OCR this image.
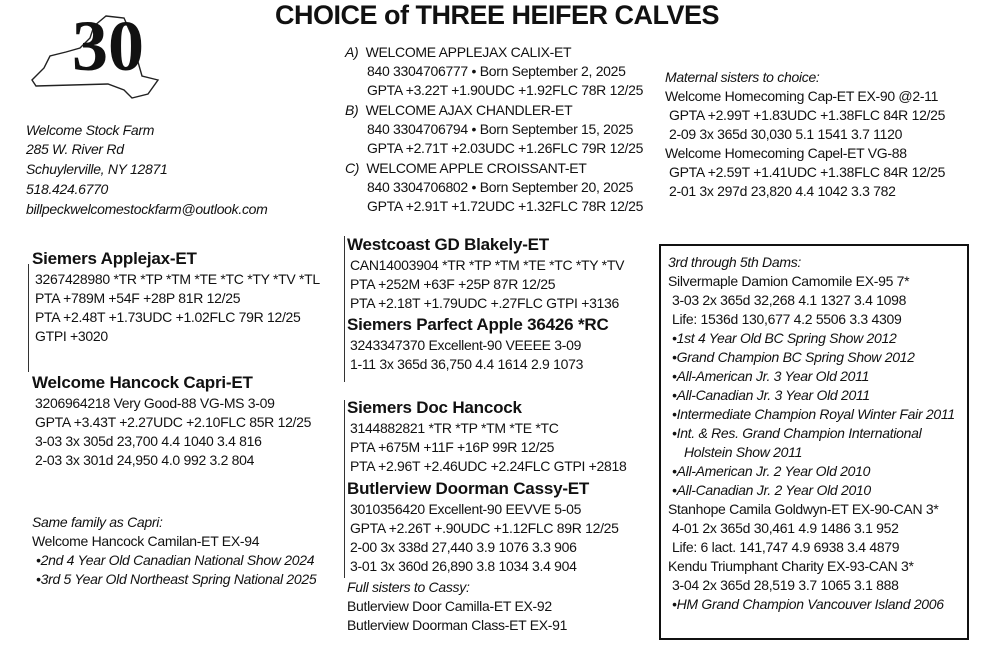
CHOICE of THREE HEIFER CALVES
30
Welcome Stock Farm
285 W. River Rd
Schuylerville, NY 12871
518.424.6770
billpeckwelcomestockfarm@outlook.com
A) WELCOME APPLEJAX CALIX-ET
840 3304706777 • Born September 2, 2025
GPTA +3.22T +1.90UDC +1.92FLC 78R 12/25
B) WELCOME AJAX CHANDLER-ET
840 3304706794 • Born September 15, 2025
GPTA +2.71T +2.03UDC +1.26FLC 79R 12/25
C) WELCOME APPLE CROISSANT-ET
840 3304706802 • Born September 20, 2025
GPTA +2.91T +1.72UDC +1.32FLC 78R 12/25
Maternal sisters to choice:
Welcome Homecoming Cap-ET EX-90 @2-11
GPTA +2.99T +1.83UDC +1.38FLC 84R 12/25
2-09 3x 365d 30,030 5.1 1541 3.7 1120
Welcome Homecoming Capel-ET VG-88
GPTA +2.59T +1.41UDC +1.38FLC 84R 12/25
2-01 3x 297d 23,820 4.4 1042 3.3 782
Siemers Applejax-ET
3267428980 *TR *TP *TM *TE *TC *TY *TV *TL
PTA +789M +54F +28P 81R 12/25
PTA +2.48T +1.73UDC +1.02FLC 79R 12/25
GTPI +3020
Welcome Hancock Capri-ET
3206964218 Very Good-88 VG-MS 3-09
GPTA +3.43T +2.27UDC +2.10FLC 85R 12/25
3-03 3x 305d 23,700 4.4 1040 3.4 816
2-03 3x 301d 24,950 4.0 992 3.2 804
Same family as Capri:
Welcome Hancock Camilan-ET EX-94
•2nd 4 Year Old Canadian National Show 2024
•3rd 5 Year Old Northeast Spring National 2025
Westcoast GD Blakely-ET
CAN14003904 *TR *TP *TM *TE *TC *TY *TV
PTA +252M +63F +25P 87R 12/25
PTA +2.18T +1.79UDC +.27FLC GTPI +3136
Siemers Parfect Apple 36426 *RC
3243347370 Excellent-90 VEEEE 3-09
1-11 3x 365d 36,750 4.4 1614 2.9 1073
Siemers Doc Hancock
3144882821 *TR *TP *TM *TE *TC
PTA +675M +11F +16P 99R 12/25
PTA +2.96T +2.46UDC +2.24FLC GTPI +2818
Butlerview Doorman Cassy-ET
3010356420 Excellent-90 EEVVE 5-05
GPTA +2.26T +.90UDC +1.12FLC 89R 12/25
2-00 3x 338d 27,440 3.9 1076 3.3 906
3-01 3x 360d 26,890 3.8 1034 3.4 904
Full sisters to Cassy:
Butlerview Door Camilla-ET EX-92
Butlerview Doorman Class-ET EX-91
3rd through 5th Dams:
Silvermaple Damion Camomile EX-95 7*
3-03 2x 365d 32,268 4.1 1327 3.4 1098
Life: 1536d 130,677 4.2 5506 3.3 4309
•1st 4 Year Old BC Spring Show 2012
•Grand Champion BC Spring Show 2012
•All-American Jr. 3 Year Old 2011
•All-Canadian Jr. 3 Year Old 2011
•Intermediate Champion Royal Winter Fair 2011
•Int. & Res. Grand Champion International
Holstein Show 2011
•All-American Jr. 2 Year Old 2010
•All-Canadian Jr. 2 Year Old 2010
Stanhope Camila Goldwyn-ET EX-90-CAN 3*
4-01 2x 365d 30,461 4.9 1486 3.1 952
Life: 6 lact. 141,747 4.9 6938 3.4 4879
Kendu Triumphant Charity EX-93-CAN 3*
3-04 2x 365d 28,519 3.7 1065 3.1 888
•HM Grand Champion Vancouver Island 2006
